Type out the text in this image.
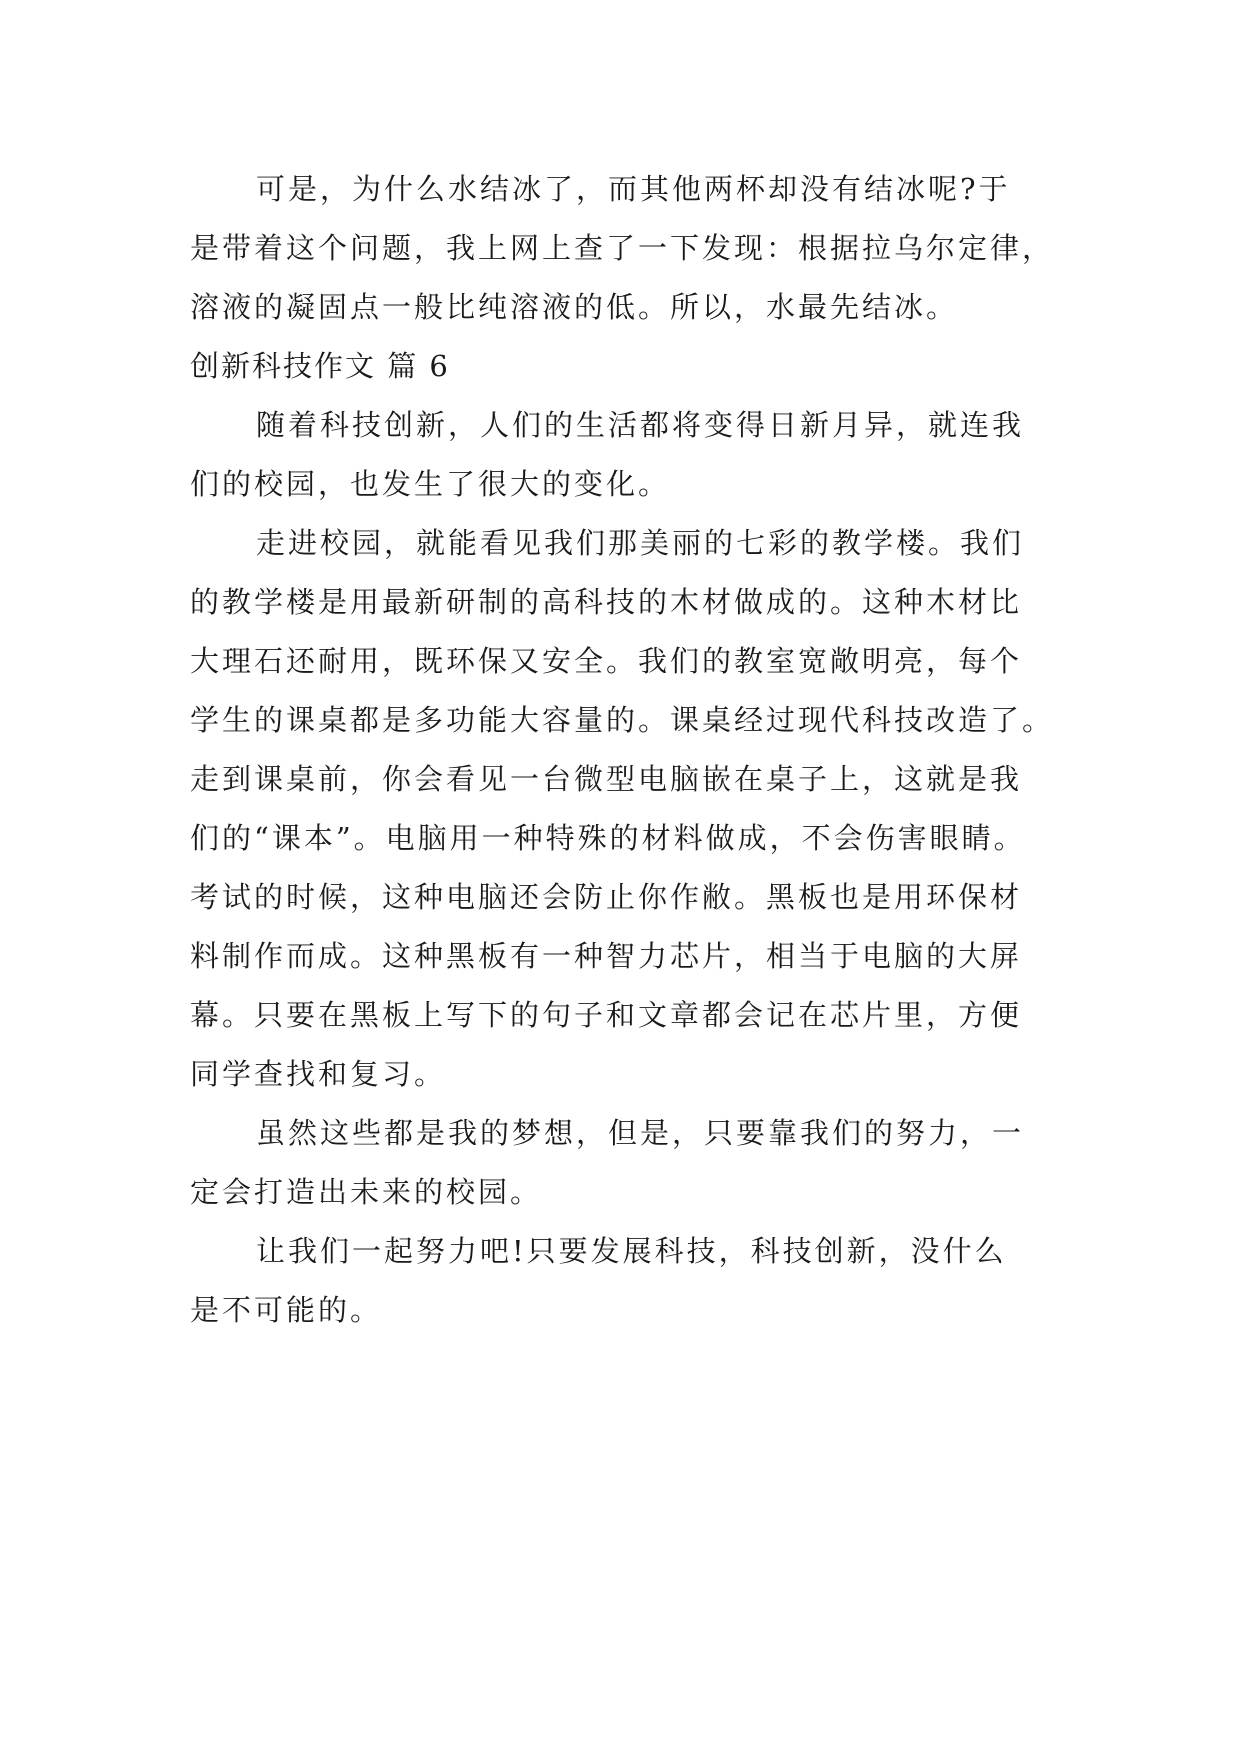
可是，为什么水结冰了，而其他两杯却没有结冰呢?于
是带着这个问题，我上网上查了一下发现：根据拉乌尔定律，
溶液的凝固点一般比纯溶液的低。所以，水最先结冰。
创新科技作文 篇 6
随着科技创新，人们的生活都将变得日新月异，就连我
们的校园，也发生了很大的变化。
走进校园，就能看见我们那美丽的七彩的教学楼。我们
的教学楼是用最新研制的高科技的木材做成的。这种木材比
大理石还耐用，既环保又安全。我们的教室宽敞明亮，每个
学生的课桌都是多功能大容量的。课桌经过现代科技改造了。
走到课桌前，你会看见一台微型电脑嵌在桌子上，这就是我
们的“课本”。电脑用一种特殊的材料做成，不会伤害眼睛。
考试的时候，这种电脑还会防止你作敝。黑板也是用环保材
料制作而成。这种黑板有一种智力芯片，相当于电脑的大屏
幕。只要在黑板上写下的句子和文章都会记在芯片里，方便
同学查找和复习。
虽然这些都是我的梦想，但是，只要靠我们的努力，一
定会打造出未来的校园。
让我们一起努力吧!只要发展科技，科技创新，没什么
是不可能的。
